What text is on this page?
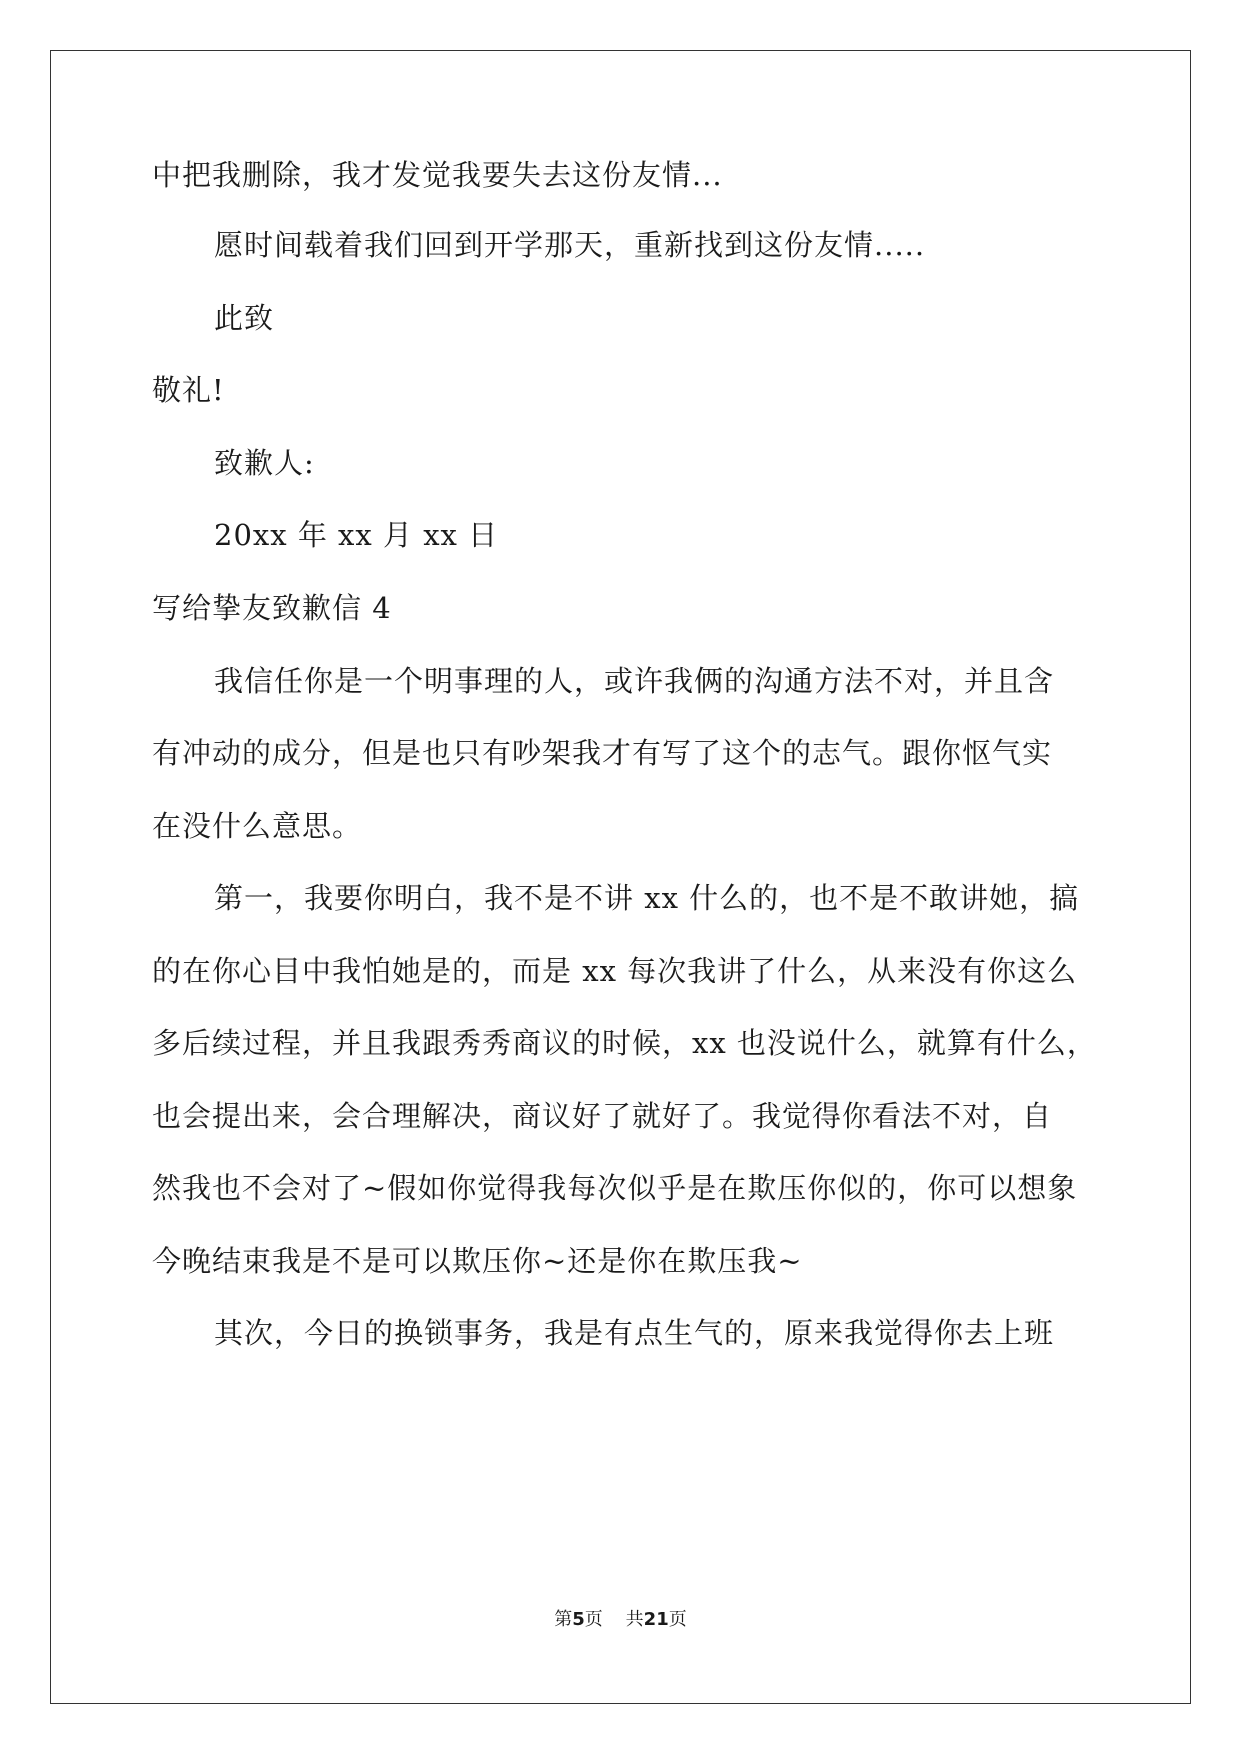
中把我删除，我才发觉我要失去这份友情...
愿时间载着我们回到开学那天，重新找到这份友情.....
此致
敬礼!
致歉人:
20xx 年 xx 月 xx 日
写给挚友致歉信 4
我信任你是一个明事理的人，或许我俩的沟通方法不对，并且含
有冲动的成分，但是也只有吵架我才有写了这个的志气。跟你怄气实
在没什么意思。
第一，我要你明白，我不是不讲 xx 什么的，也不是不敢讲她，搞
的在你心目中我怕她是的，而是 xx 每次我讲了什么，从来没有你这么
多后续过程，并且我跟秀秀商议的时候，xx 也没说什么，就算有什么，
也会提出来，会合理解决，商议好了就好了。我觉得你看法不对，自
然我也不会对了~假如你觉得我每次似乎是在欺压你似的，你可以想象
今晚结束我是不是可以欺压你~还是你在欺压我~
其次，今日的换锁事务，我是有点生气的，原来我觉得你去上班
第5页 共21页
